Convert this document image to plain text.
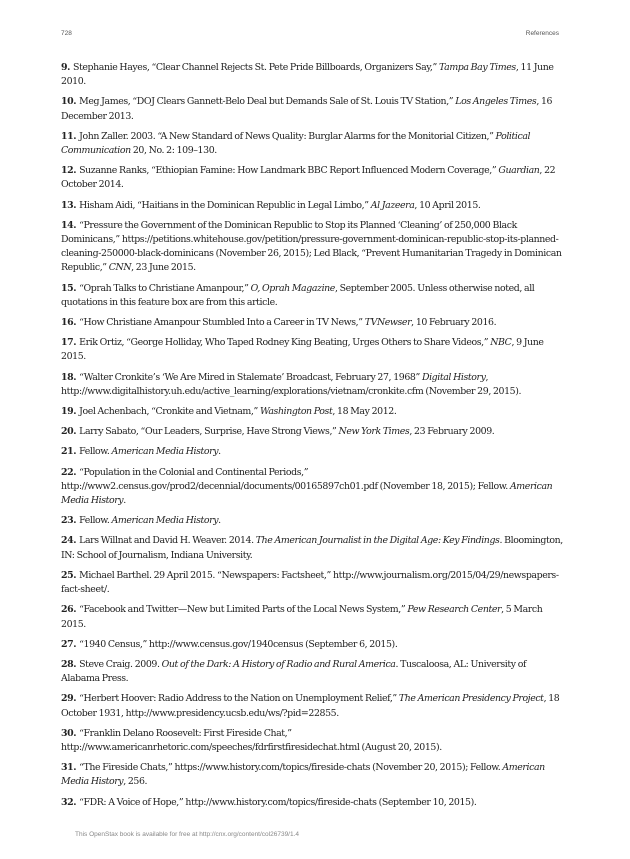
728	References

9. Stephanie Hayes, “Clear Channel Rejects St. Pete Pride Billboards, Organizers Say,” Tampa Bay Times, 11 June 2010.

10. Meg James, “DOJ Clears Gannett-Belo Deal but Demands Sale of St. Louis TV Station,” Los Angeles Times, 16 December 2013.

11. John Zaller. 2003. “A New Standard of News Quality: Burglar Alarms for the Monitorial Citizen,” Political Communication 20, No. 2: 109–130.

12. Suzanne Ranks, “Ethiopian Famine: How Landmark BBC Report Influenced Modern Coverage,” Guardian, 22 October 2014.

13. Hisham Aidi, “Haitians in the Dominican Republic in Legal Limbo,” Al Jazeera, 10 April 2015.

14. “Pressure the Government of the Dominican Republic to Stop its Planned ‘Cleaning’ of 250,000 Black Dominicans,” https://petitions.whitehouse.gov/petition/pressure-government-dominican-republic-stop-its-planned-cleaning-250000-black-dominicans (November 26, 2015); Led Black, “Prevent Humanitarian Tragedy in Dominican Republic,” CNN, 23 June 2015.

15. “Oprah Talks to Christiane Amanpour,” O, Oprah Magazine, September 2005. Unless otherwise noted, all quotations in this feature box are from this article.

16. “How Christiane Amanpour Stumbled Into a Career in TV News,” TVNewser, 10 February 2016.

17. Erik Ortiz, “George Holliday, Who Taped Rodney King Beating, Urges Others to Share Videos,” NBC, 9 June 2015.

18. “Walter Cronkite’s ‘We Are Mired in Stalemate’ Broadcast, February 27, 1968” Digital History, http://www.digitalhistory.uh.edu/active_learning/explorations/vietnam/cronkite.cfm (November 29, 2015).

19. Joel Achenbach, “Cronkite and Vietnam,” Washington Post, 18 May 2012.

20. Larry Sabato, “Our Leaders, Surprise, Have Strong Views,” New York Times, 23 February 2009.

21. Fellow. American Media History.

22. “Population in the Colonial and Continental Periods,” http://www2.census.gov/prod2/decennial/documents/00165897ch01.pdf (November 18, 2015); Fellow. American Media History.

23. Fellow. American Media History.

24. Lars Willnat and David H. Weaver. 2014. The American Journalist in the Digital Age: Key Findings. Bloomington, IN: School of Journalism, Indiana University.

25. Michael Barthel. 29 April 2015. “Newspapers: Factsheet,” http://www.journalism.org/2015/04/29/newspapers-fact-sheet/.

26. “Facebook and Twitter—New but Limited Parts of the Local News System,” Pew Research Center, 5 March 2015.

27. “1940 Census,” http://www.census.gov/1940census (September 6, 2015).

28. Steve Craig. 2009. Out of the Dark: A History of Radio and Rural America. Tuscaloosa, AL: University of Alabama Press.

29. “Herbert Hoover: Radio Address to the Nation on Unemployment Relief,” The American Presidency Project, 18 October 1931, http://www.presidency.ucsb.edu/ws/?pid=22855.

30. “Franklin Delano Roosevelt: First Fireside Chat,” http://www.americanrhetoric.com/speeches/fdrfirstfiresidechat.html (August 20, 2015).

31. “The Fireside Chats,” https://www.history.com/topics/fireside-chats (November 20, 2015); Fellow. American Media History, 256.

32. “FDR: A Voice of Hope,” http://www.history.com/topics/fireside-chats (September 10, 2015).

This OpenStax book is available for free at http://cnx.org/content/col26739/1.4
